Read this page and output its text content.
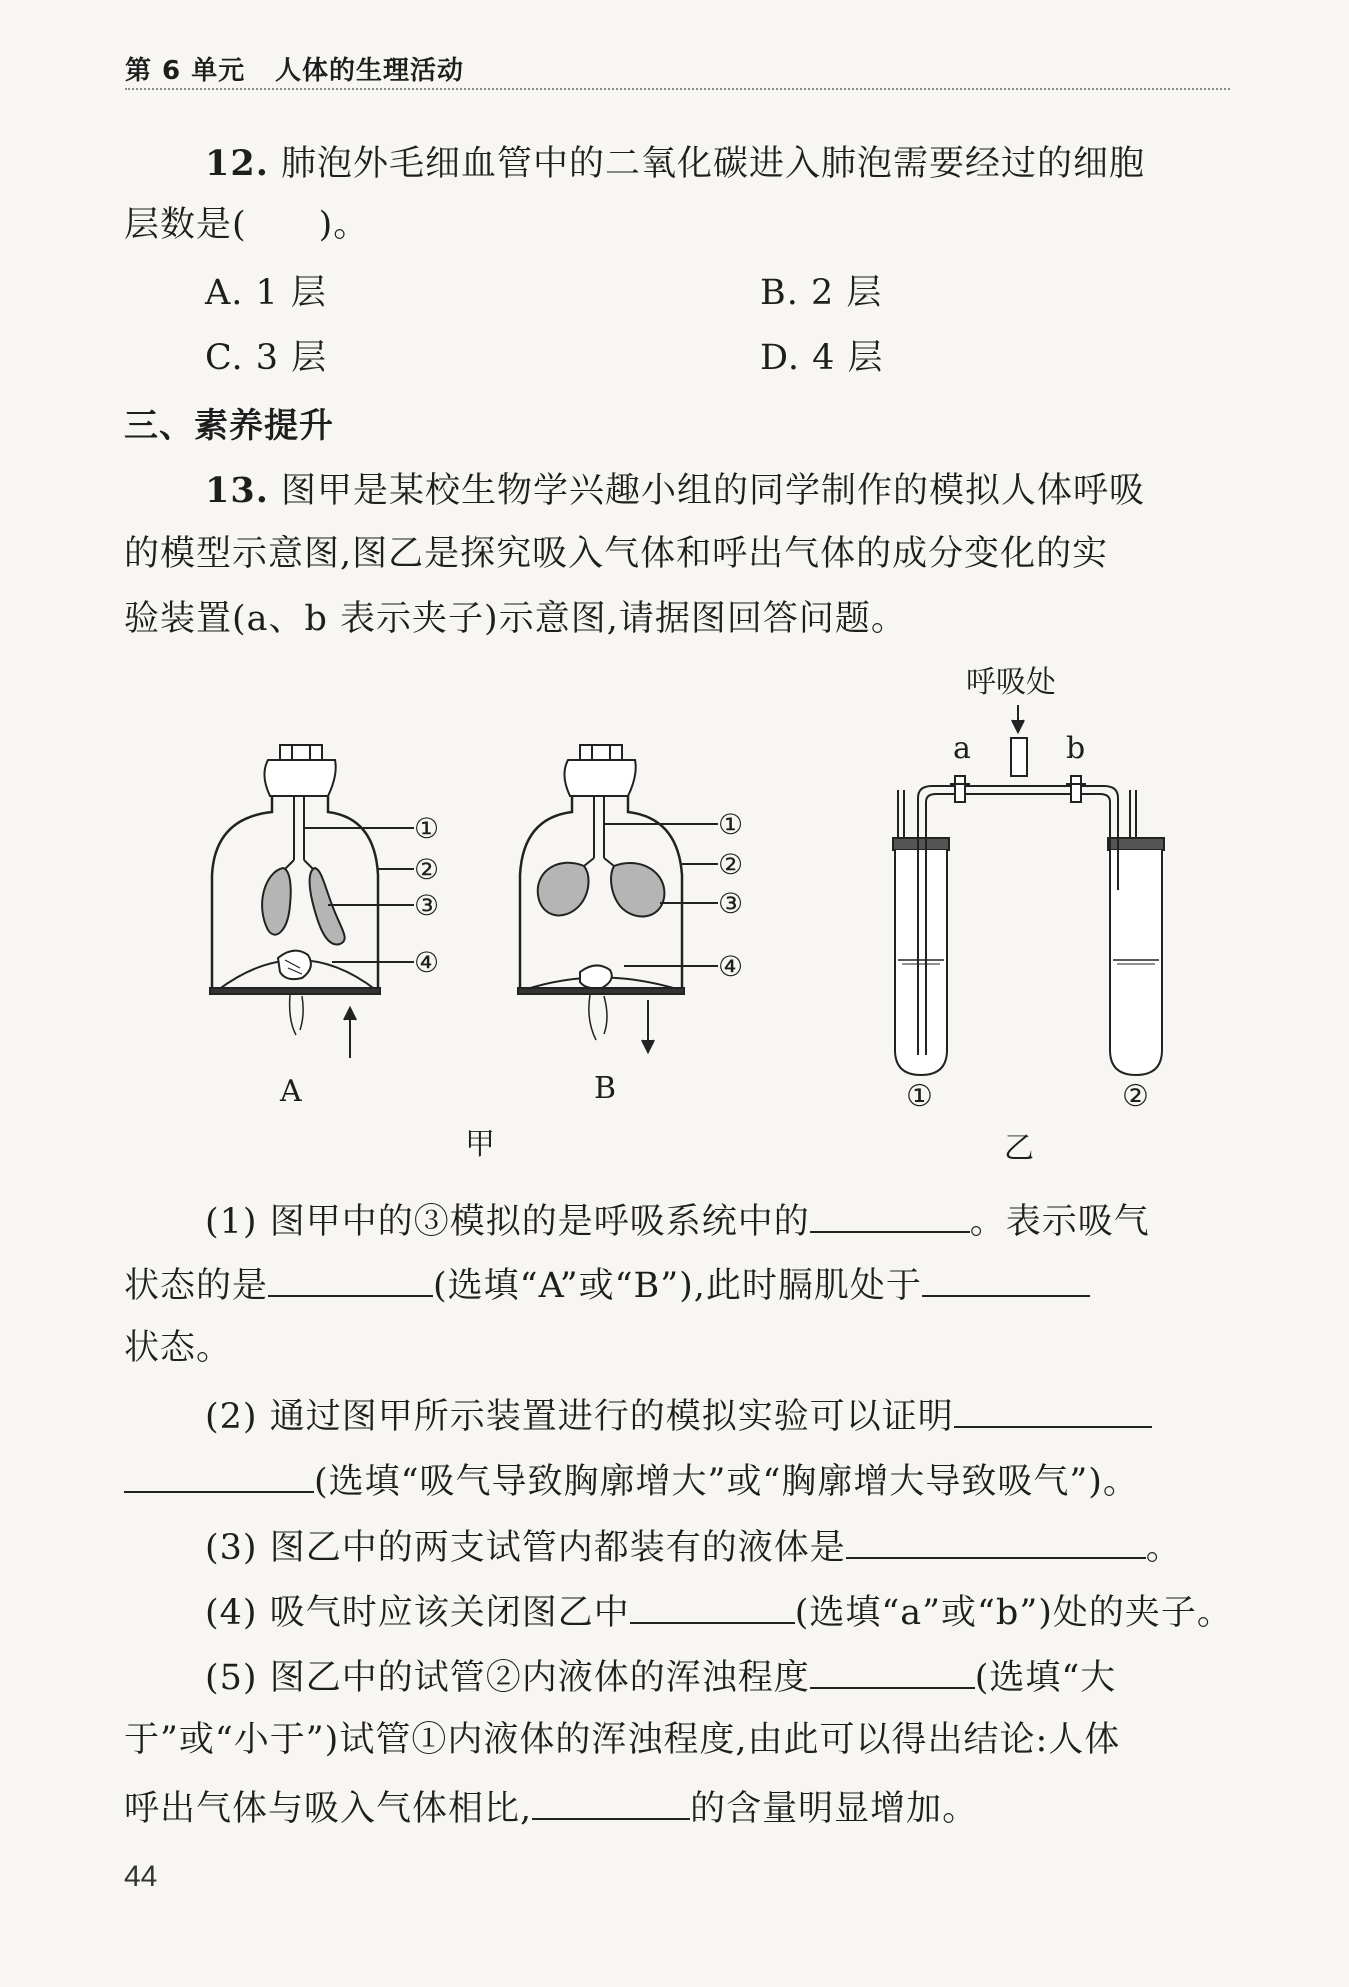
第 6 单元 人体的生理活动
12. 肺泡外毛细血管中的二氧化碳进入肺泡需要经过的细胞
层数是(　　)。
A. 1 层	B. 2 层
C. 3 层	D. 4 层
三、素养提升
13. 图甲是某校生物学兴趣小组的同学制作的模拟人体呼吸
的模型示意图,图乙是探究吸入气体和呼出气体的成分变化的实
验装置(a、b 表示夹子)示意图,请据图回答问题。
①
②
③
④
①
②
③
④
A	B
甲	乙
呼吸处
a	b
①	②
(1) 图甲中的③模拟的是呼吸系统中的	。表示吸气
状态的是	(选填“A”或“B”),此时膈肌处于
状态。
(2) 通过图甲所示装置进行的模拟实验可以证明
(选填“吸气导致胸廓增大”或“胸廓增大导致吸气”)。
(3) 图乙中的两支试管内都装有的液体是	。
(4) 吸气时应该关闭图乙中	(选填“a”或“b”)处的夹子。
(5) 图乙中的试管②内液体的浑浊程度	(选填“大
于”或“小于”)试管①内液体的浑浊程度,由此可以得出结论:人体
呼出气体与吸入气体相比,	的含量明显增加。
44
